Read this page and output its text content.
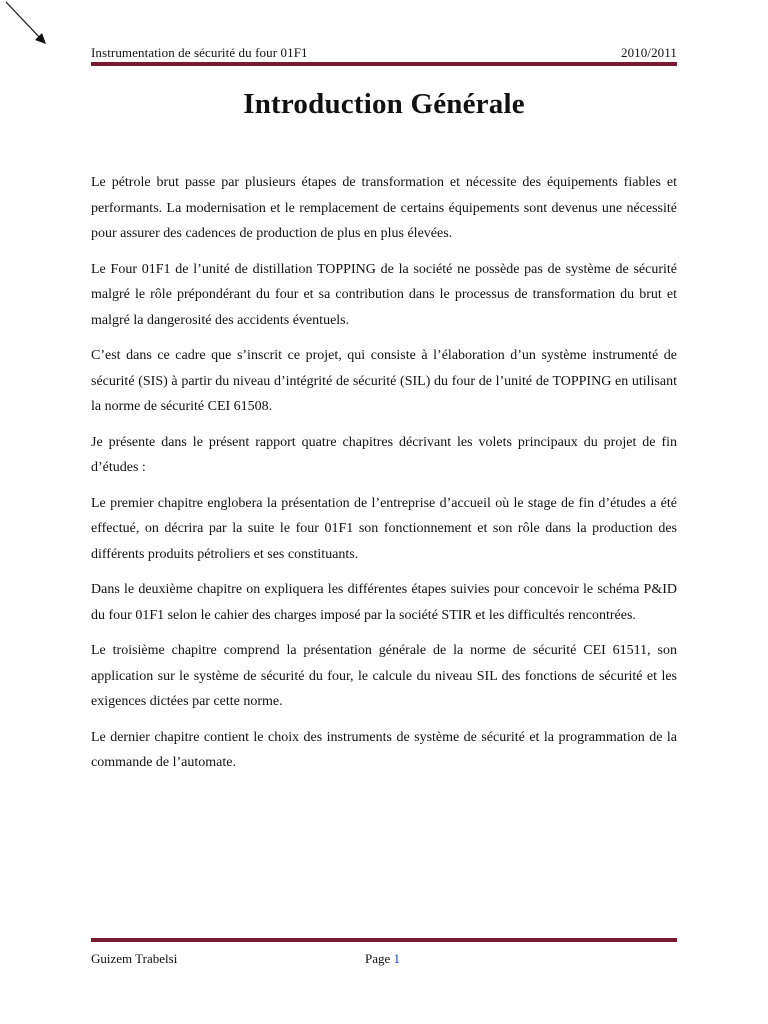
Instrumentation de sécurité du four 01F1	2010/2011
Introduction Générale

Le pétrole brut passe par plusieurs étapes de transformation et nécessite des équipements fiables et performants. La modernisation et le remplacement de certains équipements sont devenus une nécessité pour assurer des cadences de production de plus en plus élevées.

Le Four 01F1 de l’unité de distillation TOPPING de la société ne possède pas de système de sécurité malgré le rôle prépondérant du four et sa contribution dans le processus de transformation du brut et malgré la dangerosité des accidents éventuels.

C’est dans ce cadre que s’inscrit ce projet, qui consiste à l’élaboration d’un système instrumenté de sécurité (SIS) à partir du niveau d’intégrité de sécurité (SIL) du four de l’unité de TOPPING en utilisant la norme de sécurité CEI 61508.

Je présente dans le présent rapport quatre chapitres décrivant les volets principaux du projet de fin d’études :

Le premier chapitre englobera la présentation de l’entreprise d’accueil où le stage de fin d’études a été effectué, on décrira par la suite le four 01F1 son fonctionnement et son rôle dans la production des différents produits pétroliers et ses constituants.

Dans le deuxième chapitre on expliquera les différentes étapes suivies pour concevoir le schéma P&ID du four 01F1 selon le cahier des charges imposé par la société STIR et les difficultés rencontrées.

Le troisième chapitre comprend la présentation générale de la norme de sécurité CEI 61511, son application sur le système de sécurité du four, le calcule du niveau SIL des fonctions de sécurité et les exigences dictées par cette norme.

Le dernier chapitre contient le choix des instruments de système de sécurité et la programmation de la commande de l’automate.

Guizem Trabelsi	Page 1
